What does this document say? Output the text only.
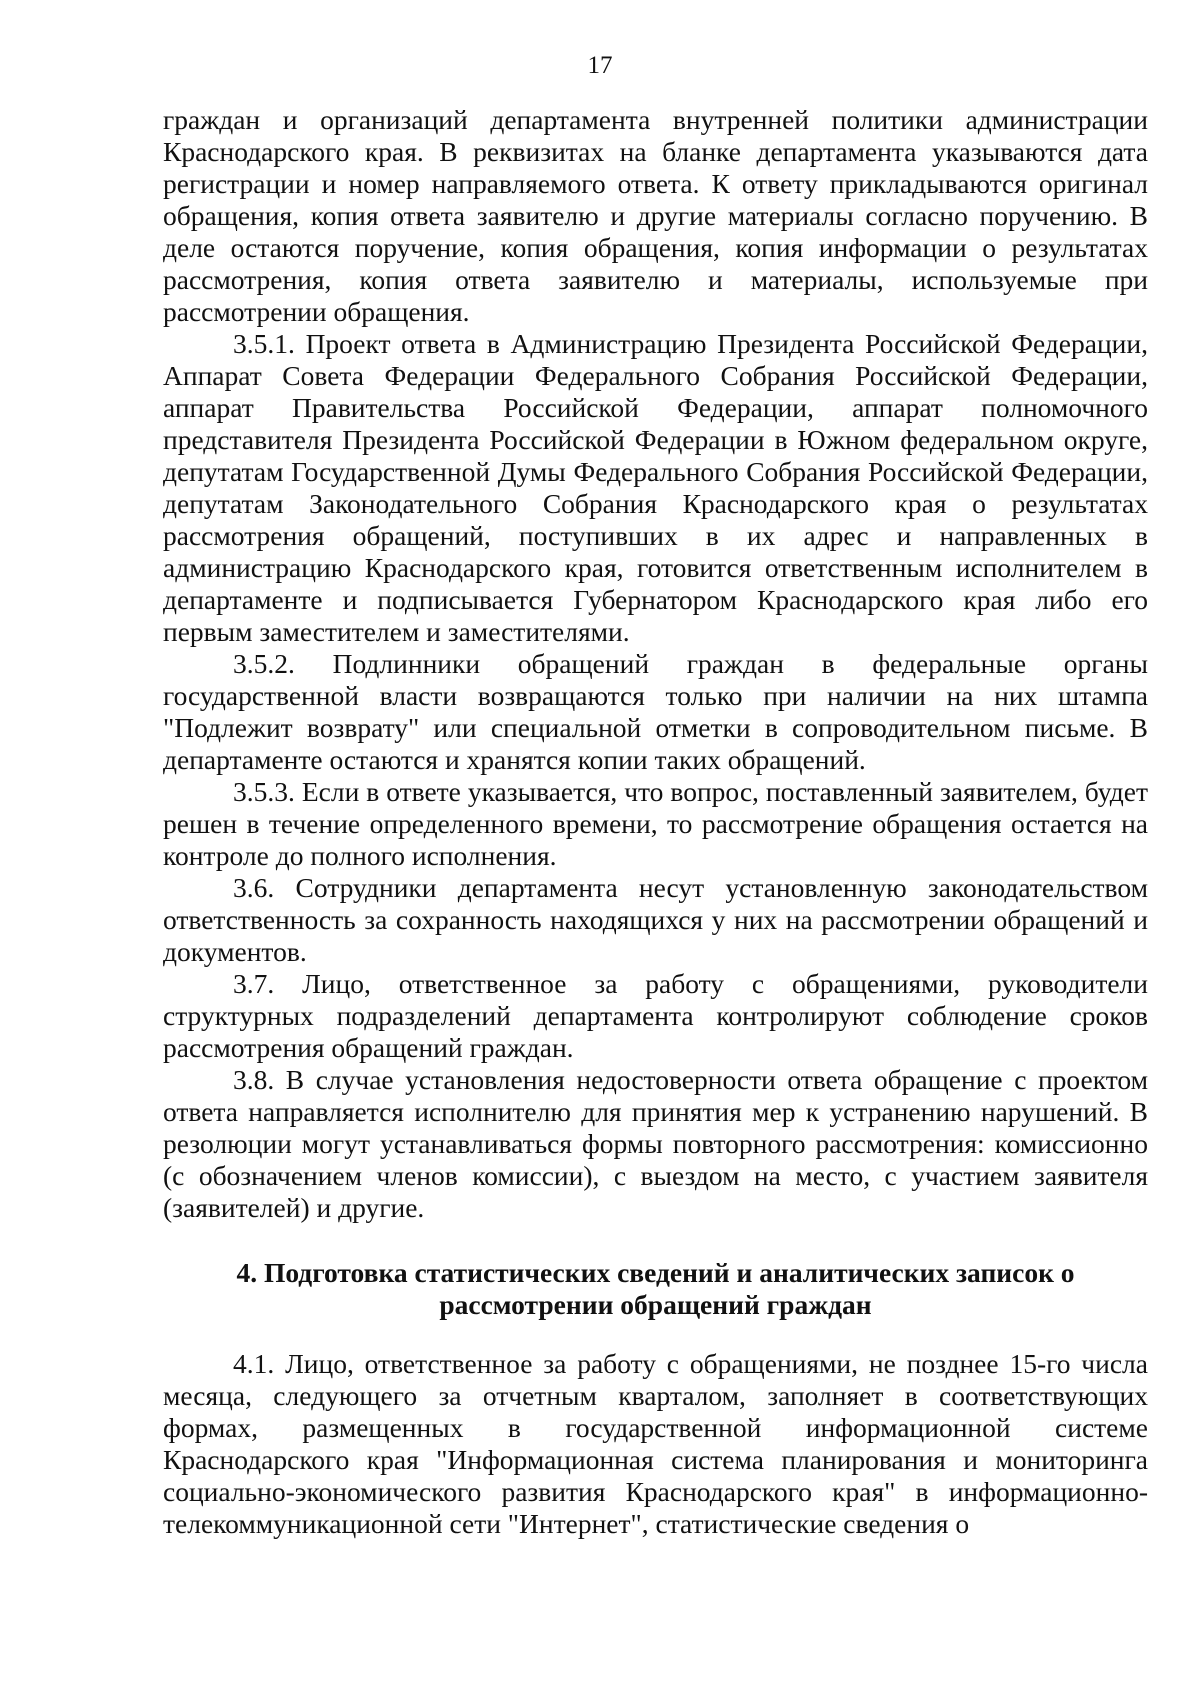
17

граждан и организаций департамента внутренней политики администрации Краснодарского края. В реквизитах на бланке департамента указываются дата регистрации и номер направляемого ответа. К ответу прикладываются оригинал обращения, копия ответа заявителю и другие материалы согласно поручению. В деле остаются поручение, копия обращения, копия информации о результатах рассмотрения, копия ответа заявителю и материалы, используемые при рассмотрении обращения.

3.5.1. Проект ответа в Администрацию Президента Российской Федерации, Аппарат Совета Федерации Федерального Собрания Российской Федерации, аппарат Правительства Российской Федерации, аппарат полномочного представителя Президента Российской Федерации в Южном федеральном округе, депутатам Государственной Думы Федерального Собрания Российской Федерации, депутатам Законодательного Собрания Краснодарского края о результатах рассмотрения обращений, поступивших в их адрес и направленных в администрацию Краснодарского края, готовится ответственным исполнителем в департаменте и подписывается Губернатором Краснодарского края либо его первым заместителем и заместителями.

3.5.2. Подлинники обращений граждан в федеральные органы государственной власти возвращаются только при наличии на них штампа "Подлежит возврату" или специальной отметки в сопроводительном письме. В департаменте остаются и хранятся копии таких обращений.

3.5.3. Если в ответе указывается, что вопрос, поставленный заявителем, будет решен в течение определенного времени, то рассмотрение обращения остается на контроле до полного исполнения.

3.6. Сотрудники департамента несут установленную законодательством ответственность за сохранность находящихся у них на рассмотрении обращений и документов.

3.7. Лицо, ответственное за работу с обращениями, руководители структурных подразделений департамента контролируют соблюдение сроков рассмотрения обращений граждан.

3.8. В случае установления недостоверности ответа обращение с проектом ответа направляется исполнителю для принятия мер к устранению нарушений. В резолюции могут устанавливаться формы повторного рассмотрения: комиссионно (с обозначением членов комиссии), с выездом на место, с участием заявителя (заявителей) и другие.

4. Подготовка статистических сведений и аналитических записок о рассмотрении обращений граждан

4.1. Лицо, ответственное за работу с обращениями, не позднее 15-го числа месяца, следующего за отчетным кварталом, заполняет в соответствующих формах, размещенных в государственной информационной системе Краснодарского края "Информационная система планирования и мониторинга социально-экономического развития Краснодарского края" в информационно-телекоммуникационной сети "Интернет", статистические сведения о
